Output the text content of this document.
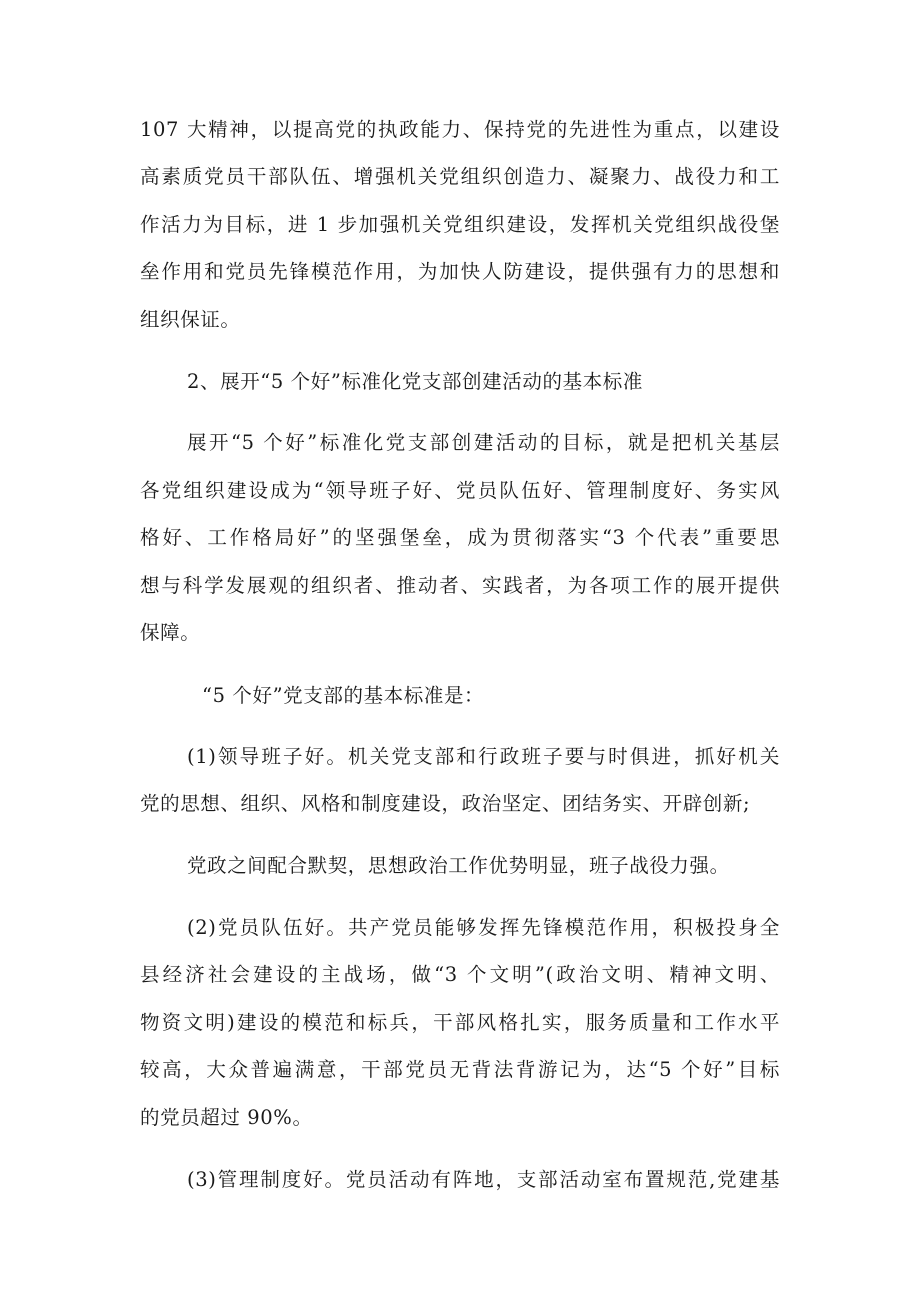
107 大精神，以提高党的执政能力、保持党的先进性为重点，以建设
高素质党员干部队伍、增强机关党组织创造力、凝聚力、战役力和工
作活力为目标，进 1 步加强机关党组织建设，发挥机关党组织战役堡
垒作用和党员先锋模范作用，为加快人防建设，提供强有力的思想和
组织保证。
2、展开“5 个好”标准化党支部创建活动的基本标准
展开“5 个好”标准化党支部创建活动的目标，就是把机关基层
各党组织建设成为“领导班子好、党员队伍好、管理制度好、务实风
格好、工作格局好”的坚强堡垒，成为贯彻落实“3 个代表”重要思
想与科学发展观的组织者、推动者、实践者，为各项工作的展开提供
保障。
“5 个好”党支部的基本标准是：
(1)领导班子好。机关党支部和行政班子要与时俱进，抓好机关
党的思想、组织、风格和制度建设，政治坚定、团结务实、开辟创新;
党政之间配合默契，思想政治工作优势明显，班子战役力强。
(2)党员队伍好。共产党员能够发挥先锋模范作用，积极投身全
县经济社会建设的主战场，做“3 个文明”(政治文明、精神文明、
物资文明)建设的模范和标兵，干部风格扎实，服务质量和工作水平
较高，大众普遍满意，干部党员无背法背游记为，达“5 个好”目标
的党员超过 90%。
(3)管理制度好。党员活动有阵地，支部活动室布置规范,党建基
